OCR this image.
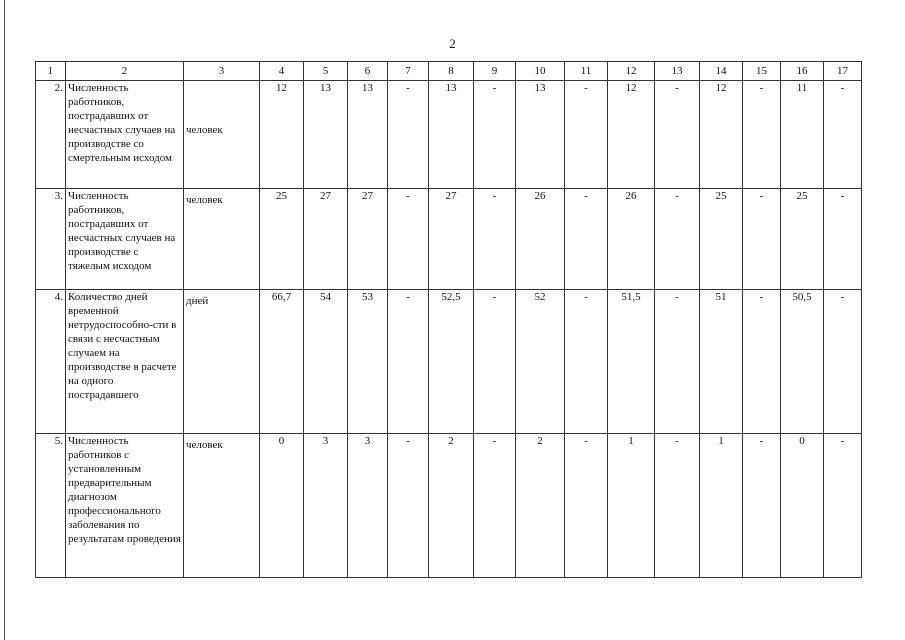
2
1	2	3	4	5	6	7	8	9	10	11	12	13	14	15	16	17
2.	Численность работников, пострадавших от несчастных случаев на производстве со смертельным исходом	человек	12	13	13	-	13	-	13	-	12	-	12	-	11	-
3.	Численность работников, пострадавших от несчастных случаев на производстве с тяжелым исходом	человек	25	27	27	-	27	-	26	-	26	-	25	-	25	-
4.	Количество дней временной нетрудоспособно-сти в связи с несчастным случаем на производстве в расчете на одного пострадавшего	дней	66,7	54	53	-	52,5	-	52	-	51,5	-	51	-	50,5	-
5.	Численность работников с установленным предварительным диагнозом профессионального заболевания по результатам проведения	человек	0	3	3	-	2	-	2	-	1	-	1	-	0	-
